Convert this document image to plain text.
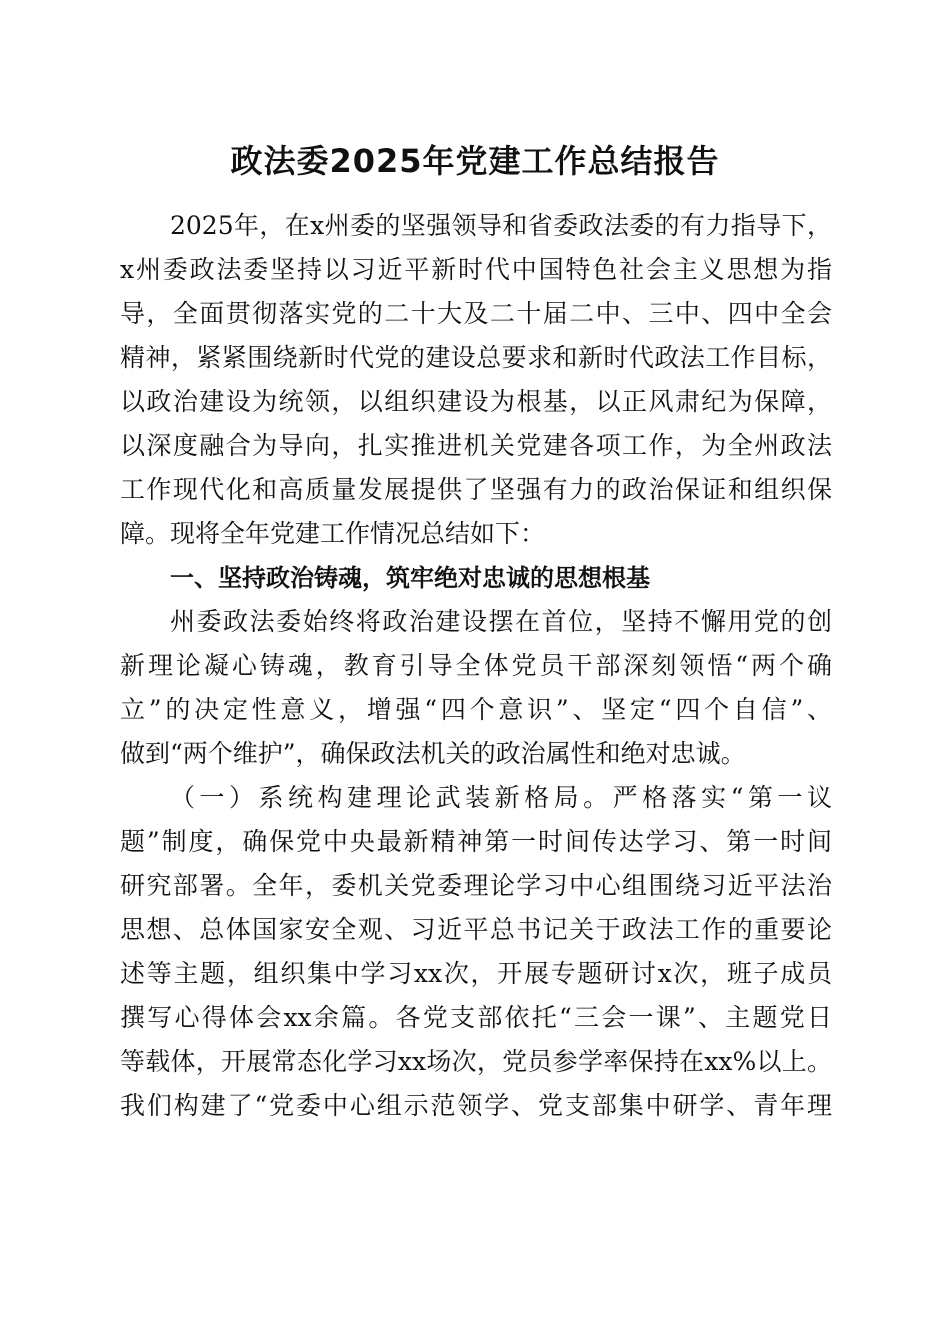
政法委2025年党建工作总结报告
2025年，在x州委的坚强领导和省委政法委的有力指导下，
x州委政法委坚持以习近平新时代中国特色社会主义思想为指
导，全面贯彻落实党的二十大及二十届二中、三中、四中全会
精神，紧紧围绕新时代党的建设总要求和新时代政法工作目标，
以政治建设为统领，以组织建设为根基，以正风肃纪为保障，
以深度融合为导向，扎实推进机关党建各项工作，为全州政法
工作现代化和高质量发展提供了坚强有力的政治保证和组织保
障。现将全年党建工作情况总结如下：
一、坚持政治铸魂，筑牢绝对忠诚的思想根基
州委政法委始终将政治建设摆在首位，坚持不懈用党的创
新理论凝心铸魂，教育引导全体党员干部深刻领悟“两个确
立”的决定性意义，增强“四个意识”、坚定“四个自信”、
做到“两个维护”，确保政法机关的政治属性和绝对忠诚。
（一）系统构建理论武装新格局。严格落实“第一议
题”制度，确保党中央最新精神第一时间传达学习、第一时间
研究部署。全年，委机关党委理论学习中心组围绕习近平法治
思想、总体国家安全观、习近平总书记关于政法工作的重要论
述等主题，组织集中学习xx次，开展专题研讨x次，班子成员
撰写心得体会xx余篇。各党支部依托“三会一课”、主题党日
等载体，开展常态化学习xx场次，党员参学率保持在xx%以上。
我们构建了“党委中心组示范领学、党支部集中研学、青年理
